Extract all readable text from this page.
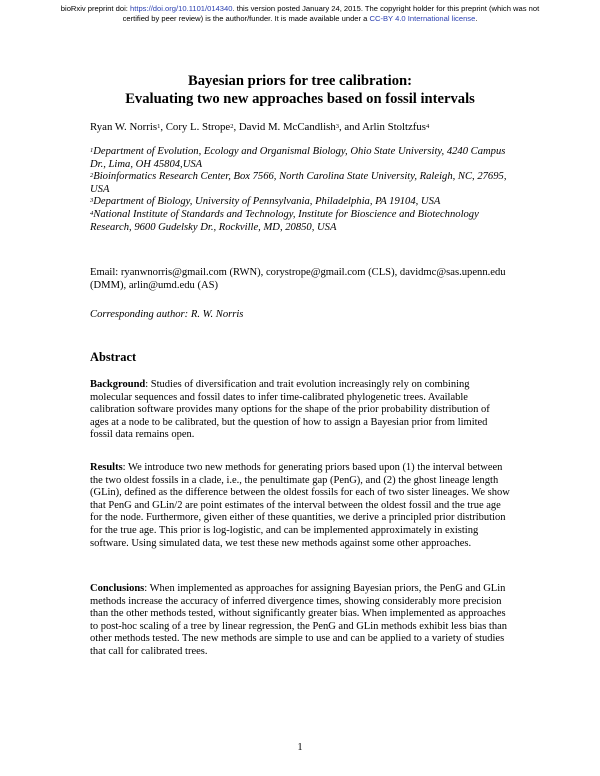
bioRxiv preprint doi: https://doi.org/10.1101/014340. this version posted January 24, 2015. The copyright holder for this preprint (which was not
certified by peer review) is the author/funder. It is made available under a CC-BY 4.0 International license.
Bayesian priors for tree calibration:
Evaluating two new approaches based on fossil intervals
Ryan W. Norris$^1$, Cory L. Strope$^2$, David M. McCandlish$^3$, and Arlin Stoltzfus$^4$

$^1$Department of Evolution, Ecology and Organismal Biology, Ohio State University, 4240 Campus Dr., Lima, OH 45804,USA

$^2$Bioinformatics Research Center, Box 7566, North Carolina State University, Raleigh, NC, 27695, USA

$^3$Department of Biology, University of Pennsylvania, Philadelphia, PA 19104, USA

$^4$National Institute of Standards and Technology, Institute for Bioscience and Biotechnology Research, 9600 Gudelsky Dr., Rockville, MD, 20850, USA

Email: ryanwnorris@gmail.com (RWN), corystrope@gmail.com (CLS), davidmc@sas.upenn.edu (DMM), arlin@umd.edu (AS)
Corresponding author: R. W. Norris
Abstract

Background: Studies of diversification and trait evolution increasingly rely on combining molecular sequences and fossil dates to infer time-calibrated phylogenetic trees. Available calibration software provides many options for the shape of the prior probability distribution of ages at a node to be calibrated, but the question of how to assign a Bayesian prior from limited fossil data remains open.

Results: We introduce two new methods for generating priors based upon (1) the interval between the two oldest fossils in a clade, i.e., the penultimate gap (PenG), and (2) the ghost lineage length (GLin), defined as the difference between the oldest fossils for each of two sister lineages. We show that PenG and GLin/2 are point estimates of the interval between the oldest fossil and the true age for the node. Furthermore, given either of these quantities, we derive a principled prior distribution for the true age. This prior is log-logistic, and can be implemented approximately in existing software. Using simulated data, we test these new methods against some other approaches.

Conclusions: When implemented as approaches for assigning Bayesian priors, the PenG and GLin methods increase the accuracy of inferred divergence times, showing considerably more precision than the other methods tested, without significantly greater bias. When implemented as approaches to post-hoc scaling of a tree by linear regression, the PenG and GLin methods exhibit less bias than other methods tested. The new methods are simple to use and can be applied to a variety of studies that call for calibrated trees.

1
